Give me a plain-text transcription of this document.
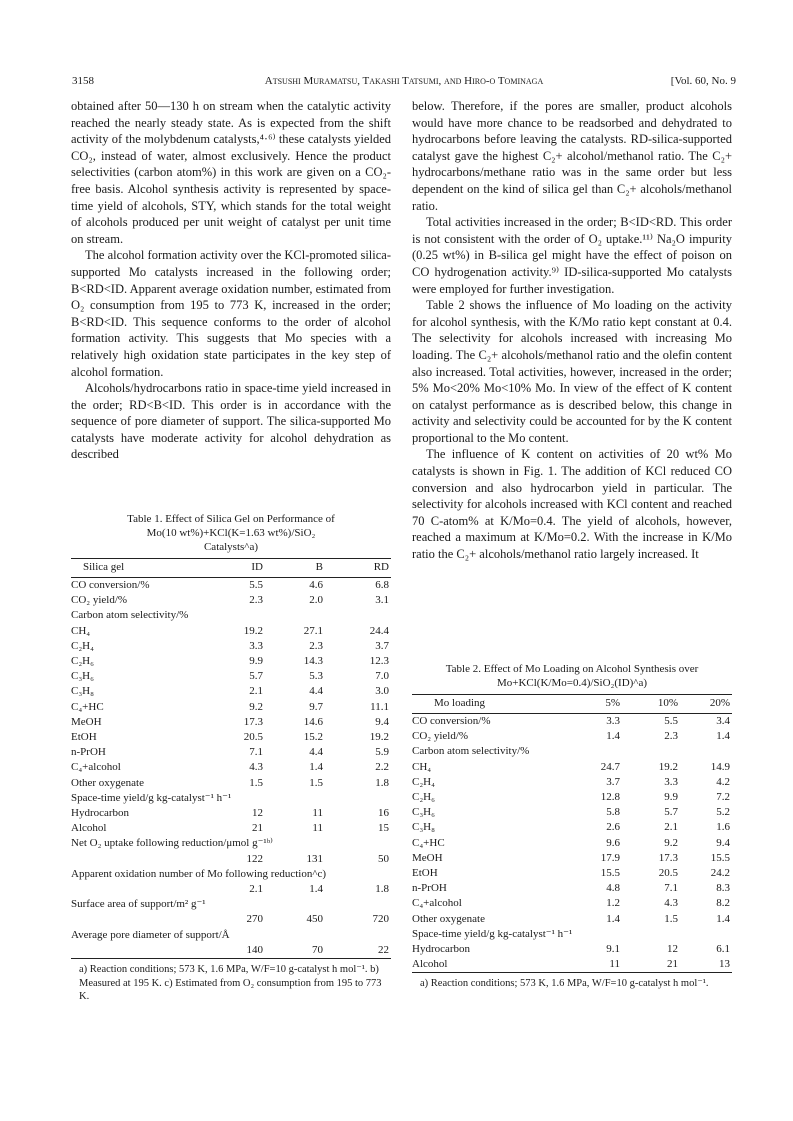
3158	Atsushi Muramatsu, Takashi Tatsumi, and Hiro-o Tominaga	[Vol. 60, No. 9

obtained after 50—130 h on stream when the catalytic activity reached the nearly steady state. As is expected from the shift activity of the molybdenum catalysts,⁴·⁶⁾ these catalysts yielded CO₂, instead of water, almost exclusively. Hence the product selectivities (carbon atom%) in this work are given on a CO₂-free basis. Alcohol synthesis activity is represented by space-time yield of alcohols, STY, which stands for the total weight of alcohols produced per unit weight of catalyst per unit time on stream.

The alcohol formation activity over the KCl-promoted silica-supported Mo catalysts increased in the following order; B<RD<ID. Apparent average oxidation number, estimated from O₂ consumption from 195 to 773 K, increased in the order; B<RD<ID. This sequence conforms to the order of alcohol formation activity. This suggests that Mo species with a relatively high oxidation state participates in the key step of alcohol formation.

Alcohols/hydrocarbons ratio in space-time yield increased in the order; RD<B<ID. This order is in accordance with the sequence of pore diameter of support. The silica-supported Mo catalysts have moderate activity for alcohol dehydration as described

Table 1. Effect of Silica Gel on Performance of
Mo(10 wt%)+KCl(K=1.63 wt%)/SiO₂
Catalysts^a)
Silica gel	ID	B	RD
CO conversion/%	5.5	4.6	6.8
CO₂ yield/%	2.3	2.0	3.1
Carbon atom selectivity/%			
CH₄	19.2	27.1	24.4
C₂H₄	3.3	2.3	3.7
C₂H₆	9.9	14.3	12.3
C₃H₆	5.7	5.3	7.0
C₃H₈	2.1	4.4	3.0
C₄+HC	9.2	9.7	11.1
MeOH	17.3	14.6	9.4
EtOH	20.5	15.2	19.2
n-PrOH	7.1	4.4	5.9
C₄+alcohol	4.3	1.4	2.2
Other oxygenate	1.5	1.5	1.8
Space-time yield/g kg-catalyst⁻¹ h⁻¹			
Hydrocarbon	12	11	16
Alcohol	21	11	15
Net O₂ uptake following reduction/μmol g⁻¹ᵇ⁾			
	122	131	50
Apparent oxidation number of Mo following reduction^c)			
	2.1	1.4	1.8
Surface area of support/m² g⁻¹			
	270	450	720
Average pore diameter of support/Å			
	140	70	22
a) Reaction conditions; 573 K, 1.6 MPa, W/F=10 g-catalyst h mol⁻¹. b) Measured at 195 K. c) Estimated from O₂ consumption from 195 to 773 K.

below. Therefore, if the pores are smaller, product alcohols would have more chance to be readsorbed and dehydrated to hydrocarbons before leaving the catalysts. RD-silica-supported catalyst gave the highest C₂+ alcohol/methanol ratio. The C₂+ hydrocarbons/methane ratio was in the same order but less dependent on the kind of silica gel than C₂+ alcohols/methanol ratio.

Total activities increased in the order; B<ID<RD. This order is not consistent with the order of O₂ uptake.¹¹⁾ Na₂O impurity (0.25 wt%) in B-silica gel might have the effect of poison on CO hydrogenation activity.⁹⁾ ID-silica-supported Mo catalysts were employed for further investigation.

Table 2 shows the influence of Mo loading on the activity for alcohol synthesis, with the K/Mo ratio kept constant at 0.4. The selectivity for alcohols increased with increasing Mo loading. The C₂+ alcohols/methanol ratio and the olefin content also increased. Total activities, however, increased in the order; 5% Mo<20% Mo<10% Mo. In view of the effect of K content on catalyst performance as is described below, this change in activity and selectivity could be accounted for by the K content proportional to the Mo content.

The influence of K content on activities of 20 wt% Mo catalysts is shown in Fig. 1. The addition of KCl reduced CO conversion and also hydrocarbon yield in particular. The selectivity for alcohols increased with KCl content and reached 70 C-atom% at K/Mo=0.4. The yield of alcohols, however, reached a maximum at K/Mo=0.2. With the increase in K/Mo ratio the C₂+ alcohols/methanol ratio largely increased. It

Table 2. Effect of Mo Loading on Alcohol Synthesis over
Mo+KCl(K/Mo=0.4)/SiO₂(ID)^a)
Mo loading	5%	10%	20%
CO conversion/%	3.3	5.5	3.4
CO₂ yield/%	1.4	2.3	1.4
Carbon atom selectivity/%			
CH₄	24.7	19.2	14.9
C₂H₄	3.7	3.3	4.2
C₂H₆	12.8	9.9	7.2
C₃H₆	5.8	5.7	5.2
C₃H₈	2.6	2.1	1.6
C₄+HC	9.6	9.2	9.4
MeOH	17.9	17.3	15.5
EtOH	15.5	20.5	24.2
n-PrOH	4.8	7.1	8.3
C₄+alcohol	1.2	4.3	8.2
Other oxygenate	1.4	1.5	1.4
Space-time yield/g kg-catalyst⁻¹ h⁻¹			
Hydrocarbon	9.1	12	6.1
Alcohol	11	21	13
a) Reaction conditions; 573 K, 1.6 MPa, W/F=10 g-catalyst h mol⁻¹.
